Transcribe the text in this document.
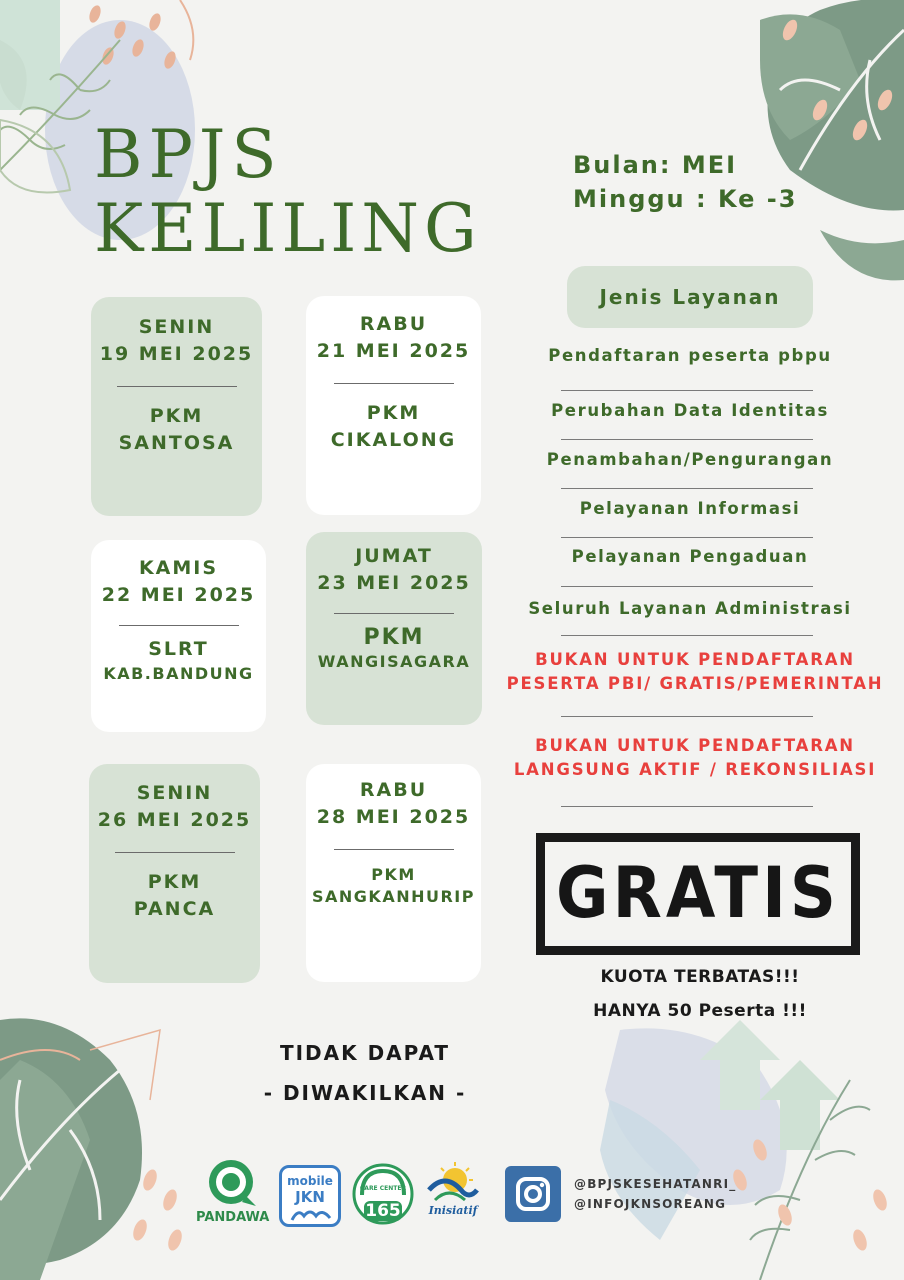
BPJS
KELILING
Bulan: MEI
Minggu : Ke -3
SENIN
19 MEI 2025
PKM
SANTOSA
RABU
21 MEI 2025
PKM
CIKALONG
KAMIS
22 MEI 2025
SLRT
KAB.BANDUNG
JUMAT
23 MEI 2025
PKM
WANGISAGARA
SENIN
26 MEI 2025
PKM
PANCA
RABU
28 MEI 2025
PKM
SANGKANHURIP
Jenis Layanan
Pendaftaran peserta pbpu
Perubahan Data Identitas
Penambahan/Pengurangan
Pelayanan Informasi
Pelayanan Pengaduan
Seluruh Layanan Administrasi
BUKAN UNTUK PENDAFTARAN
PESERTA PBI/ GRATIS/PEMERINTAH
BUKAN UNTUK PENDAFTARAN
LANGSUNG AKTIF / REKONSILIASI
GRATIS
KUOTA TERBATAS!!!
HANYA 50 Peserta !!!
TIDAK DAPAT
- DIWAKILKAN -
PANDAWA
mobile
JKN	CARE CENTER
165	Inisiatif
@BPJSKESEHATANRI_
@INFOJKNSOREANG
